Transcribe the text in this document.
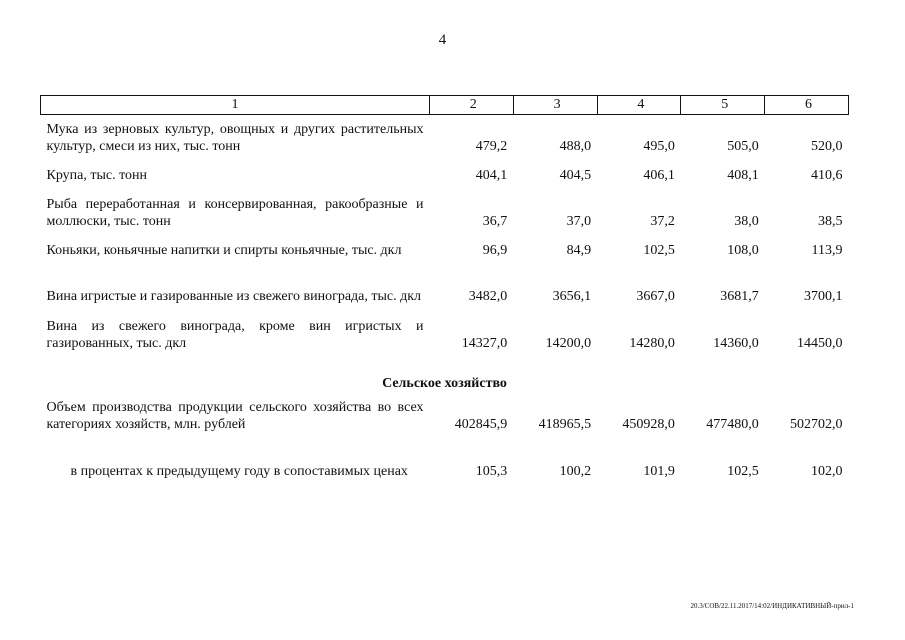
4
1	2	3	4	5	6
Мука из зерновых культур, овощных и других растительных культур, смеси из них, тыс. тонн	479,2	488,0	495,0	505,0	520,0
Крупа, тыс. тонн	404,1	404,5	406,1	408,1	410,6
Рыба переработанная и консервированная, ракообразные и моллюски, тыс. тонн	36,7	37,0	37,2	38,0	38,5
Коньяки, коньячные напитки и спирты коньячные, тыс. дкл	96,9	84,9	102,5	108,0	113,9
Вина игристые и газированные из свежего винограда, тыс. дкл	3482,0	3656,1	3667,0	3681,7	3700,1
Вина из свежего винограда, кроме вин игристых и газированных, тыс. дкл	14327,0	14200,0	14280,0	14360,0	14450,0
Сельское хозяйство					
Объем производства продукции сельского хозяйства во всех категориях хозяйств, млн. рублей	402845,9	418965,5	450928,0	477480,0	502702,0
в процентах к предыдущему году в сопоставимых ценах	105,3	100,2	101,9	102,5	102,0
20.3/СОВ/22.11.2017/14:02/ИНДИКАТИВНЫЙ-прил-1
